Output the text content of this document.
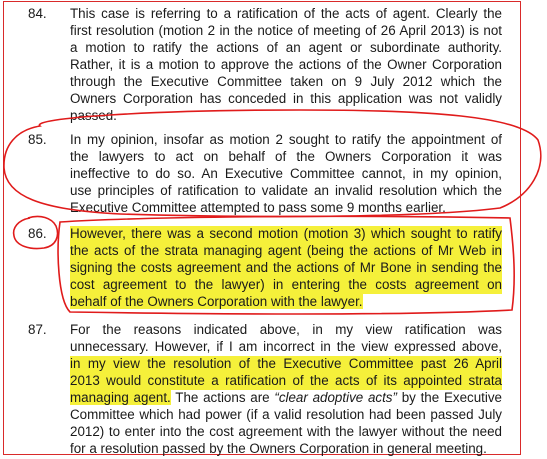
84.	This case is referring to a ratification of the acts of agent. Clearly the
first resolution (motion 2 in the notice of meeting of 26 April 2013) is not
a motion to ratify the actions of an agent or subordinate authority.
Rather, it is a motion to approve the actions of the Owner Corporation
through the Executive Committee taken on 9 July 2012 which the
Owners Corporation has conceded in this application was not validly
passed.
85.	In my opinion, insofar as motion 2 sought to ratify the appointment of
the lawyers to act on behalf of the Owners Corporation it was
ineffective to do so. An Executive Committee cannot, in my opinion,
use principles of ratification to validate an invalid resolution which the
Executive Committee attempted to pass some 9 months earlier.
86.	However, there was a second motion (motion 3) which sought to ratify
the acts of the strata managing agent (being the actions of Mr Web in
signing the costs agreement and the actions of Mr Bone in sending the
cost agreement to the lawyer) in entering the costs agreement on
behalf of the Owners Corporation with the lawyer.
87.	For the reasons indicated above, in my view ratification was
unnecessary. However, if I am incorrect in the view expressed above,
in my view the resolution of the Executive Committee past 26 April
2013 would constitute a ratification of the acts of its appointed strata
managing agent. The actions are “clear adoptive acts” by the Executive
Committee which had power (if a valid resolution had been passed July
2012) to enter into the cost agreement with the lawyer without the need
for a resolution passed by the Owners Corporation in general meeting.
